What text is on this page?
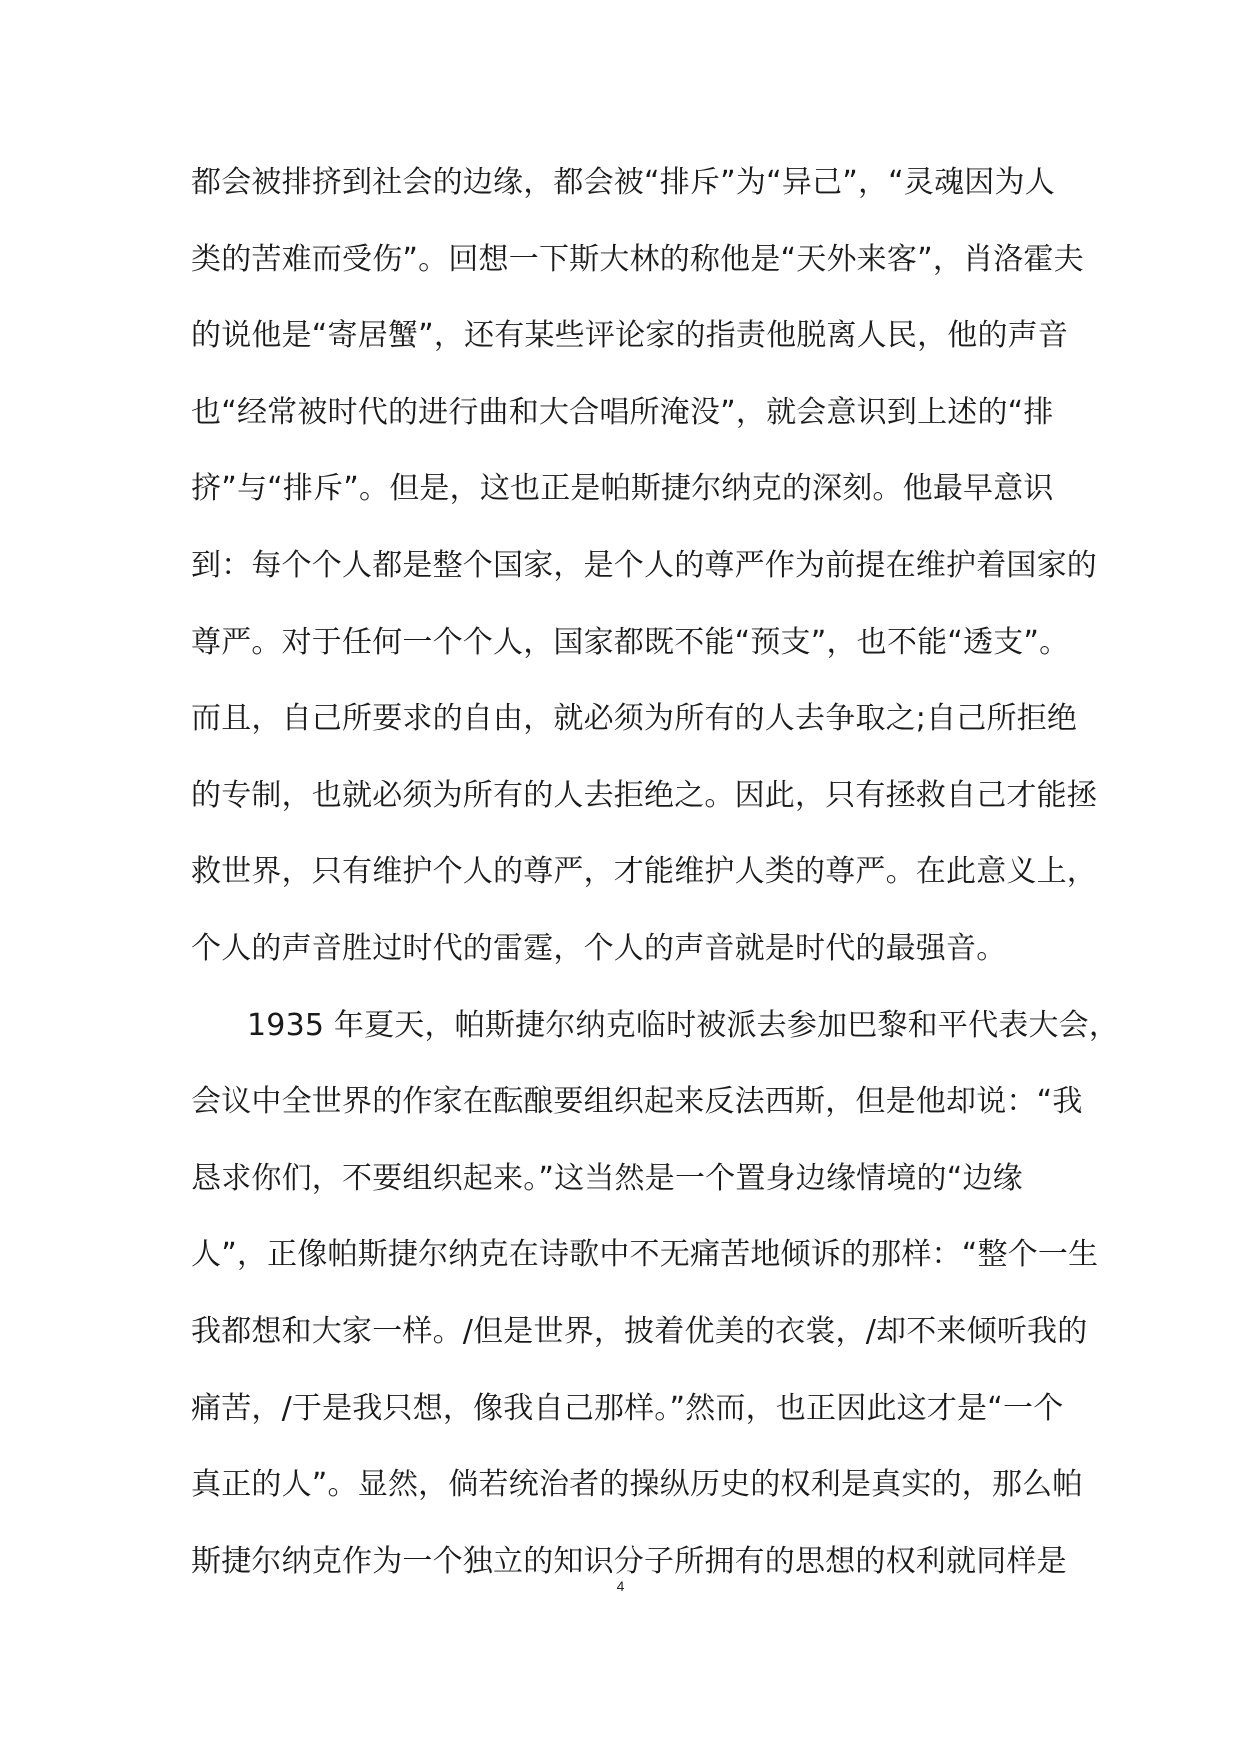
都会被排挤到社会的边缘，都会被“排斥”为“异己”，“灵魂因为人
类的苦难而受伤”。回想一下斯大林的称他是“天外来客”，肖洛霍夫
的说他是“寄居蟹”，还有某些评论家的指责他脱离人民，他的声音
也“经常被时代的进行曲和大合唱所淹没”，就会意识到上述的“排
挤”与“排斥”。但是，这也正是帕斯捷尔纳克的深刻。他最早意识
到：每个个人都是整个国家，是个人的尊严作为前提在维护着国家的
尊严。对于任何一个个人，国家都既不能“预支”，也不能“透支”。
而且，自己所要求的自由，就必须为所有的人去争取之;自己所拒绝
的专制，也就必须为所有的人去拒绝之。因此，只有拯救自己才能拯
救世界，只有维护个人的尊严，才能维护人类的尊严。在此意义上，
个人的声音胜过时代的雷霆，个人的声音就是时代的最强音。
1935 年夏天，帕斯捷尔纳克临时被派去参加巴黎和平代表大会，
会议中全世界的作家在酝酿要组织起来反法西斯，但是他却说：“我
恳求你们，不要组织起来。”这当然是一个置身边缘情境的“边缘
人”，正像帕斯捷尔纳克在诗歌中不无痛苦地倾诉的那样：“整个一生
我都想和大家一样。/但是世界，披着优美的衣裳，/却不来倾听我的
痛苦，/于是我只想，像我自己那样。”然而，也正因此这才是“一个
真正的人”。显然，倘若统治者的操纵历史的权利是真实的，那么帕
斯捷尔纳克作为一个独立的知识分子所拥有的思想的权利就同样是
4
